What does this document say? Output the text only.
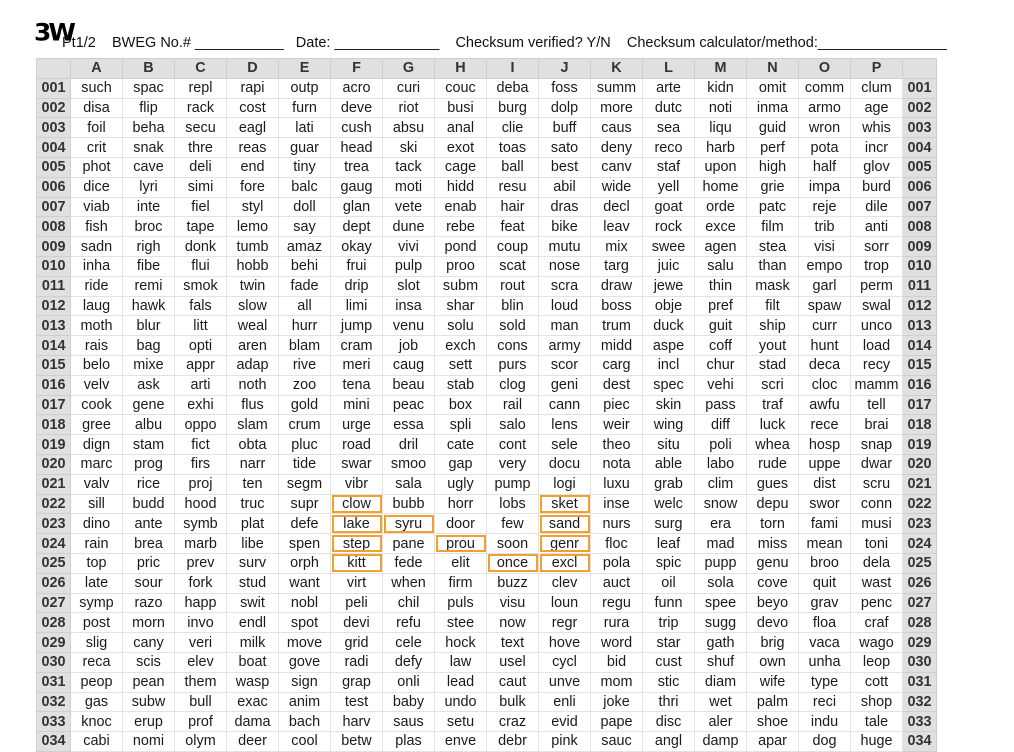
3W
Pt1/2 BWEG No.# ___________ Date: _____________ Checksum verified? Y/N Checksum calculator/method:________________
	A	B	C	D	E	F	G	H	I	J	K	L	M	N	O	P	
001	such	spac	repl	rapi	outp	acro	curi	couc	deba	foss	summ	arte	kidn	omit	comm	clum	001
002	disa	flip	rack	cost	furn	deve	riot	busi	burg	dolp	more	dutc	noti	inma	armo	age	002
003	foil	beha	secu	eagl	lati	cush	absu	anal	clie	buff	caus	sea	liqu	guid	wron	whis	003
004	crit	snak	thre	reas	guar	head	ski	exot	toas	sato	deny	reco	harb	perf	pota	incr	004
005	phot	cave	deli	end	tiny	trea	tack	cage	ball	best	canv	staf	upon	high	half	glov	005
006	dice	lyri	simi	fore	balc	gaug	moti	hidd	resu	abil	wide	yell	home	grie	impa	burd	006
007	viab	inte	fiel	styl	doll	glan	vete	enab	hair	dras	decl	goat	orde	patc	reje	dile	007
008	fish	broc	tape	lemo	say	dept	dune	rebe	feat	bike	leav	rock	exce	film	trib	anti	008
009	sadn	righ	donk	tumb	amaz	okay	vivi	pond	coup	mutu	mix	swee	agen	stea	visi	sorr	009
010	inha	fibe	flui	hobb	behi	frui	pulp	proo	scat	nose	targ	juic	salu	than	empo	trop	010
011	ride	remi	smok	twin	fade	drip	slot	subm	rout	scra	draw	jewe	thin	mask	garl	perm	011
012	laug	hawk	fals	slow	all	limi	insa	shar	blin	loud	boss	obje	pref	filt	spaw	swal	012
013	moth	blur	litt	weal	hurr	jump	venu	solu	sold	man	trum	duck	guit	ship	curr	unco	013
014	rais	bag	opti	aren	blam	cram	job	exch	cons	army	midd	aspe	coff	yout	hunt	load	014
015	belo	mixe	appr	adap	rive	meri	caug	sett	purs	scor	carg	incl	chur	stad	deca	recy	015
016	velv	ask	arti	noth	zoo	tena	beau	stab	clog	geni	dest	spec	vehi	scri	cloc	mamm	016
017	cook	gene	exhi	flus	gold	mini	peac	box	rail	cann	piec	skin	pass	traf	awfu	tell	017
018	gree	albu	oppo	slam	crum	urge	essa	spli	salo	lens	weir	wing	diff	luck	rece	brai	018
019	dign	stam	fict	obta	pluc	road	dril	cate	cont	sele	theo	situ	poli	whea	hosp	snap	019
020	marc	prog	firs	narr	tide	swar	smoo	gap	very	docu	nota	able	labo	rude	uppe	dwar	020
021	valv	rice	proj	ten	segm	vibr	sala	ugly	pump	logi	luxu	grab	clim	gues	dist	scru	021
022	sill	budd	hood	truc	supr	clow	bubb	horr	lobs	sket	inse	welc	snow	depu	swor	conn	022
023	dino	ante	symb	plat	defe	lake	syru	door	few	sand	nurs	surg	era	torn	fami	musi	023
024	rain	brea	marb	libe	spen	step	pane	prou	soon	genr	floc	leaf	mad	miss	mean	toni	024
025	top	pric	prev	surv	orph	kitt	fede	elit	once	excl	pola	spic	pupp	genu	broo	dela	025
026	late	sour	fork	stud	want	virt	when	firm	buzz	clev	auct	oil	sola	cove	quit	wast	026
027	symp	razo	happ	swit	nobl	peli	chil	puls	visu	loun	regu	funn	spee	beyo	grav	penc	027
028	post	morn	invo	endl	spot	devi	refu	stee	now	regr	rura	trip	sugg	devo	floa	craf	028
029	slig	cany	veri	milk	move	grid	cele	hock	text	hove	word	star	gath	brig	vaca	wago	029
030	reca	scis	elev	boat	gove	radi	defy	law	usel	cycl	bid	cust	shuf	own	unha	leop	030
031	peop	pean	them	wasp	sign	grap	onli	lead	caut	unve	mom	stic	diam	wife	type	cott	031
032	gas	subw	bull	exac	anim	test	baby	undo	bulk	enli	joke	thri	wet	palm	reci	shop	032
033	knoc	erup	prof	dama	bach	harv	saus	setu	craz	evid	pape	disc	aler	shoe	indu	tale	033
034	cabi	nomi	olym	deer	cool	betw	plas	enve	debr	pink	sauc	angl	damp	apar	dog	huge	034
